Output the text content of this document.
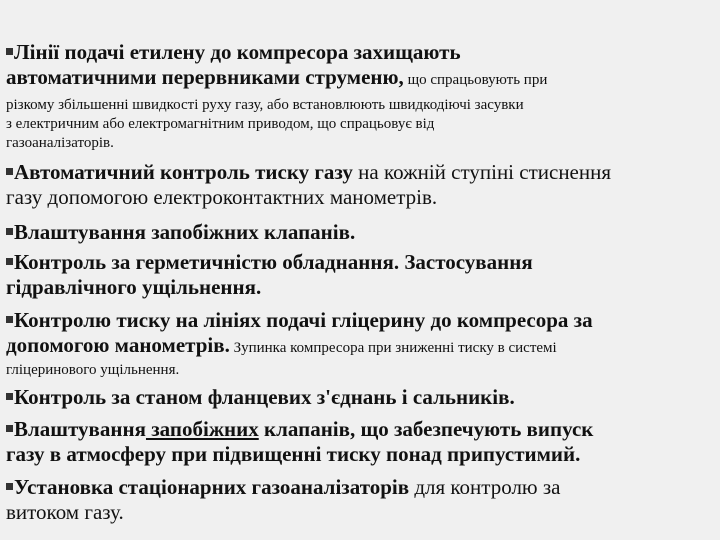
Лінії подачі етилену до компресора захищають
автоматичними перервниками струменю, що спрацьовують при
різкому збільшенні швидкості руху газу, або встановлюють швидкодіючі засувки
з електричним або електромагнітним приводом, що спрацьовує від
газоаналізаторів.
Автоматичний контроль тиску газу на кожній ступіні стиснення
газу допомогою електроконтактних манометрів.
Влаштування запобіжних клапанів.
Контроль за герметичністю обладнання. Застосування
гідравлічного ущільнення.
Контролю тиску на лініях подачі гліцерину до компресора за
допомогою манометрів. Зупинка компресора при зниженні тиску в системі
гліцеринового ущільнення.
Контроль за станом фланцевих з'єднань і сальників.
Влаштування запобіжних клапанів, що забезпечують випуск
газу в атмосферу при підвищенні тиску понад припустимий.
Установка стаціонарних газоаналізаторів для контролю за
витоком газу.
